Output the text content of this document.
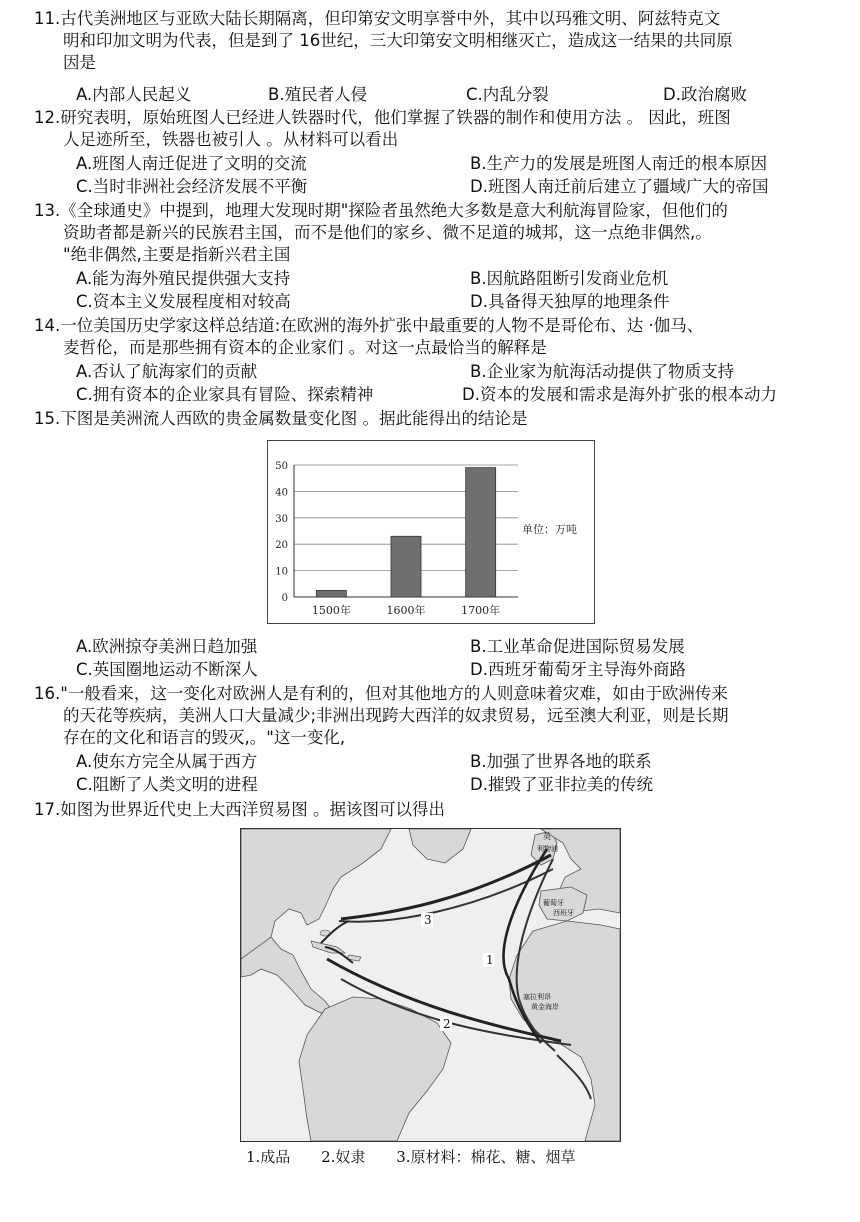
11.古代美洲地区与亚欧大陆长期隔离，但印第安文明享誉中外，其中以玛雅文明、阿兹特克文
明和印加文明为代表，但是到了 16世纪，三大印第安文明相继灭亡，造成这一结果的共同原
因是
A.内部人民起义	B.殖民者人侵	C.内乱分裂	D.政治腐败
12.研究表明，原始班图人已经进人铁器时代，他们掌握了铁器的制作和使用方法 。 因此，班图
人足迹所至，铁器也被引人 。从材料可以看出
A.班图人南迁促进了文明的交流	B.生产力的发展是班图人南迁的根本原因
C.当时非洲社会经济发展不平衡	D.班图人南迁前后建立了疆域广大的帝国
13.《全球通史》中提到，地理大发现时期"探险者虽然绝大多数是意大利航海冒险家，但他们的
资助者都是新兴的民族君主国，而不是他们的家乡、微不足道的城邦，这一点绝非偶然,。
"绝非偶然,主要是指新兴君主国
A.能为海外殖民提供强大支持	B.因航路阻断引发商业危机
C.资本主义发展程度相对较高	D.具备得天独厚的地理条件
14.一位美国历史学家这样总结道:在欧洲的海外扩张中最重要的人物不是哥伦布、达 ·伽马、
麦哲伦，而是那些拥有资本的企业家们 。对这一点最恰当的解释是
A.否认了航海家们的贡献	B.企业家为航海活动提供了物质支持
C.拥有资本的企业家具有冒险、探索精神	D.资本的发展和需求是海外扩张的根本动力
15.下图是美洲流人西欧的贵金属数量变化图 。据此能得出的结论是
0
10
20
30
40
50
1500年	1600年	1700年
单位：万吨
A.欧洲掠夺美洲日趋加强	B.工业革命促进国际贸易发展
C.英国圈地运动不断深人	D.西班牙葡萄牙主导海外商路
16."一般看来，这一变化对欧洲人是有利的，但对其他地方的人则意味着灾难，如由于欧洲传来
的天花等疾病，美洲人口大量减少;非洲出现跨大西洋的奴隶贸易，远至澳大利亚，则是长期
存在的文化和语言的毁灭,。"这一变化,
A.使东方完全从属于西方	B.加强了世界各地的联系
C.阻断了人类文明的进程	D.摧毁了亚非拉美的传统
17.如图为世界近代史上大西洋贸易图 。据该图可以得出
3
1
2
英
利物浦
西班牙
葡萄牙
塞拉利昂
黄金海岸
1.成品 2.奴隶 3.原材料：棉花、糖、烟草
